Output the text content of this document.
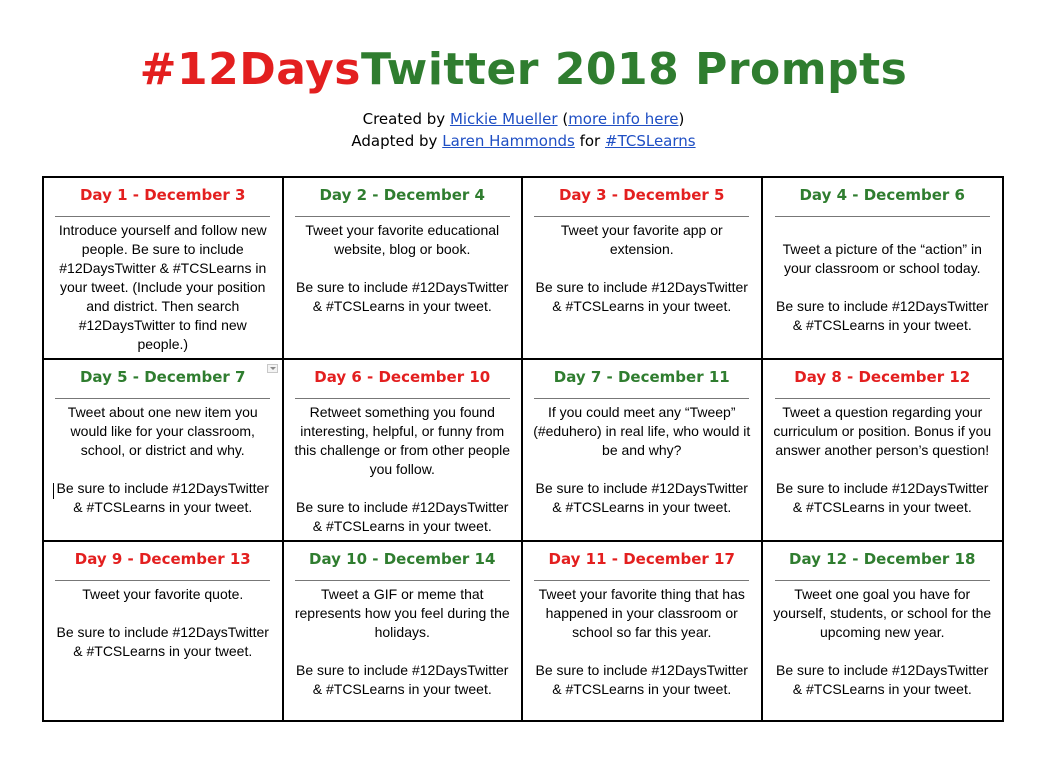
#12DaysTwitter 2018 Prompts
Created by Mickie Mueller (more info here)
Adapted by Laren Hammonds for #TCSLearns
Day 1 - December 3
Introduce yourself and follow new people. Be sure to include #12DaysTwitter & #TCSLearns in your tweet. (Include your position and district. Then search #12DaysTwitter to find new people.)
Day 2 - December 4
Tweet your favorite educational website, blog or book.
Be sure to include #12DaysTwitter & #TCSLearns in your tweet.
Day 3 - December 5
Tweet your favorite app or extension.
Be sure to include #12DaysTwitter & #TCSLearns in your tweet.
Day 4 - December 6
Tweet a picture of the “action” in your classroom or school today.
Be sure to include #12DaysTwitter & #TCSLearns in your tweet.
Day 5 - December 7
Tweet about one new item you would like for your classroom, school, or district and why.
Be sure to include #12DaysTwitter & #TCSLearns in your tweet.
Day 6 - December 10
Retweet something you found interesting, helpful, or funny from this challenge or from other people you follow.
Be sure to include #12DaysTwitter & #TCSLearns in your tweet.
Day 7 - December 11
If you could meet any “Tweep” (#eduhero) in real life, who would it be and why?
Be sure to include #12DaysTwitter & #TCSLearns in your tweet.
Day 8 - December 12
Tweet a question regarding your curriculum or position. Bonus if you answer another person’s question!
Be sure to include #12DaysTwitter & #TCSLearns in your tweet.
Day 9 - December 13
Tweet your favorite quote.
Be sure to include #12DaysTwitter & #TCSLearns in your tweet.
Day 10 - December 14
Tweet a GIF or meme that represents how you feel during the holidays.
Be sure to include #12DaysTwitter & #TCSLearns in your tweet.
Day 11 - December 17
Tweet your favorite thing that has happened in your classroom or school so far this year.
Be sure to include #12DaysTwitter & #TCSLearns in your tweet.
Day 12 - December 18
Tweet one goal you have for yourself, students, or school for the upcoming new year.
Be sure to include #12DaysTwitter & #TCSLearns in your tweet.
